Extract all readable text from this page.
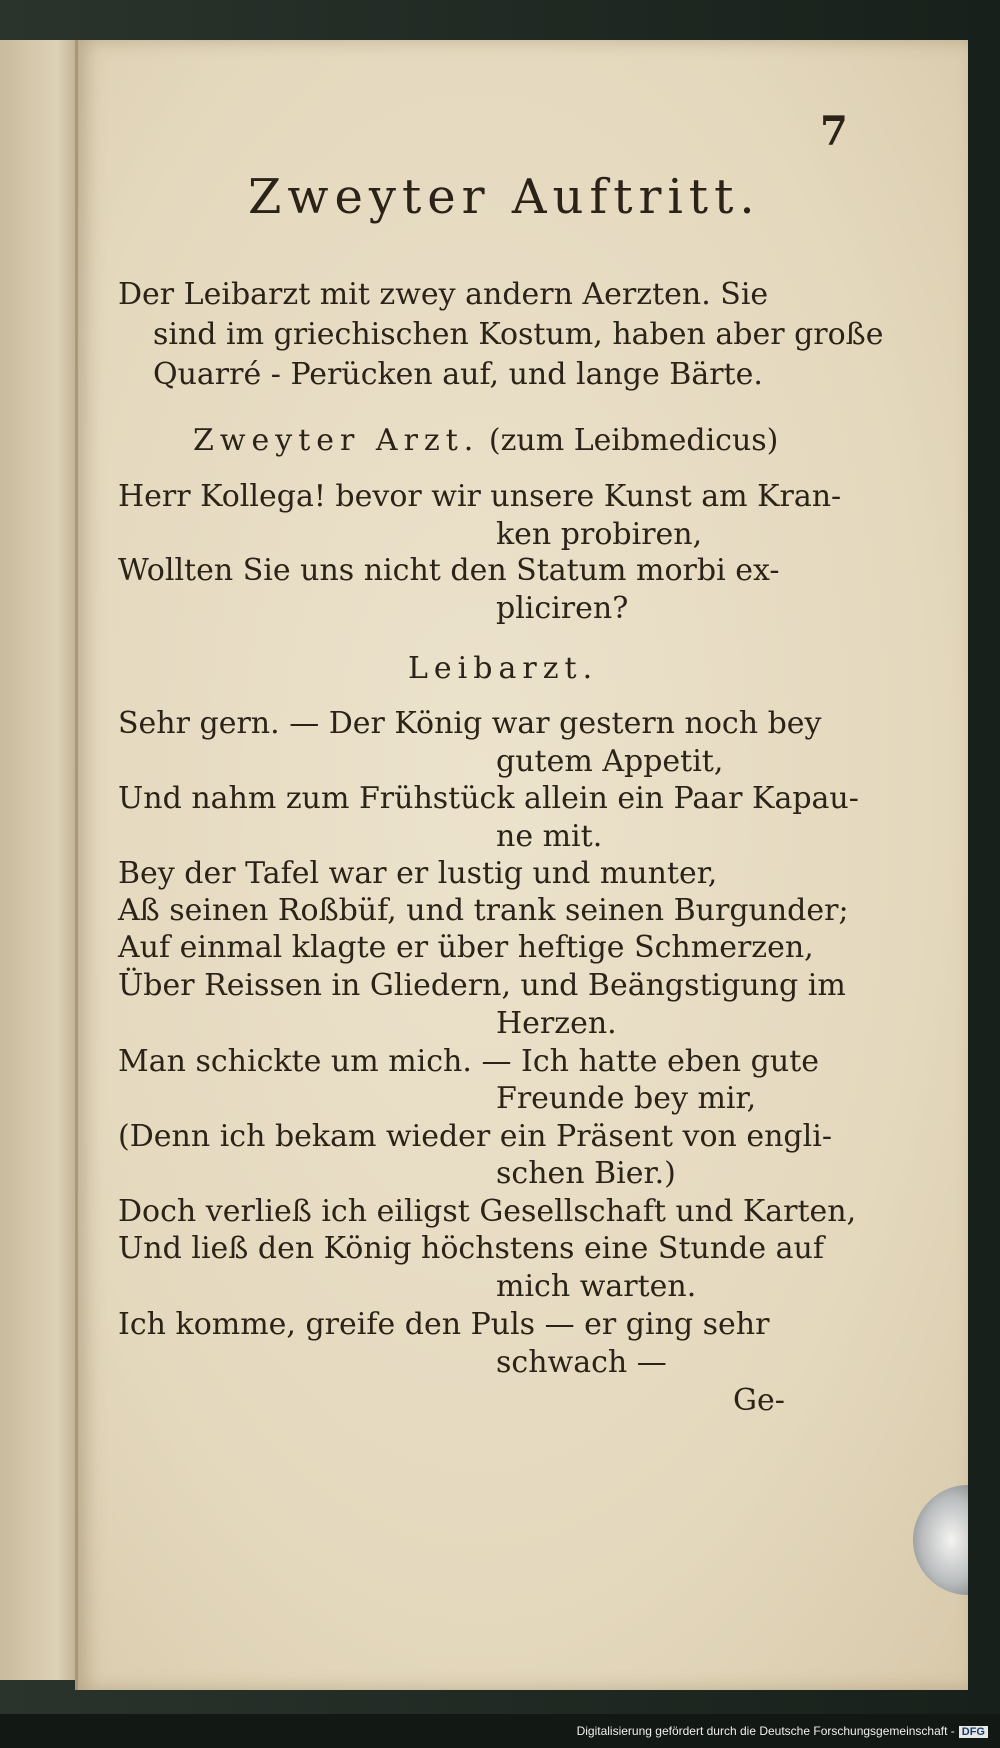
7
Zweyter Auftritt.
Der Leibarzt mit zwey andern Aerzten. Sie
sind im griechischen Kostum, haben aber große
Quarré - Perücken auf, und lange Bärte.
Zweyter Arzt. (zum Leibmedicus)
Herr Kollega! bevor wir unsere Kunst am Kran-
ken probiren,
Wollten Sie uns nicht den Statum morbi ex-
pliciren?
Leibarzt.
Sehr gern. — Der König war gestern noch bey
gutem Appetit,
Und nahm zum Frühstück allein ein Paar Kapau-
ne mit.
Bey der Tafel war er lustig und munter,
Aß seinen Roßbüf, und trank seinen Burgunder;
Auf einmal klagte er über heftige Schmerzen,
Über Reissen in Gliedern, und Beängstigung im
Herzen.
Man schickte um mich. — Ich hatte eben gute
Freunde bey mir,
(Denn ich bekam wieder ein Präsent von engli-
schen Bier.)
Doch verließ ich eiligst Gesellschaft und Karten,
Und ließ den König höchstens eine Stunde auf
mich warten.
Ich komme, greife den Puls — er ging sehr
schwach —
Ge-
Digitalisierung gefördert durch die Deutsche Forschungsgemeinschaft - DFG
